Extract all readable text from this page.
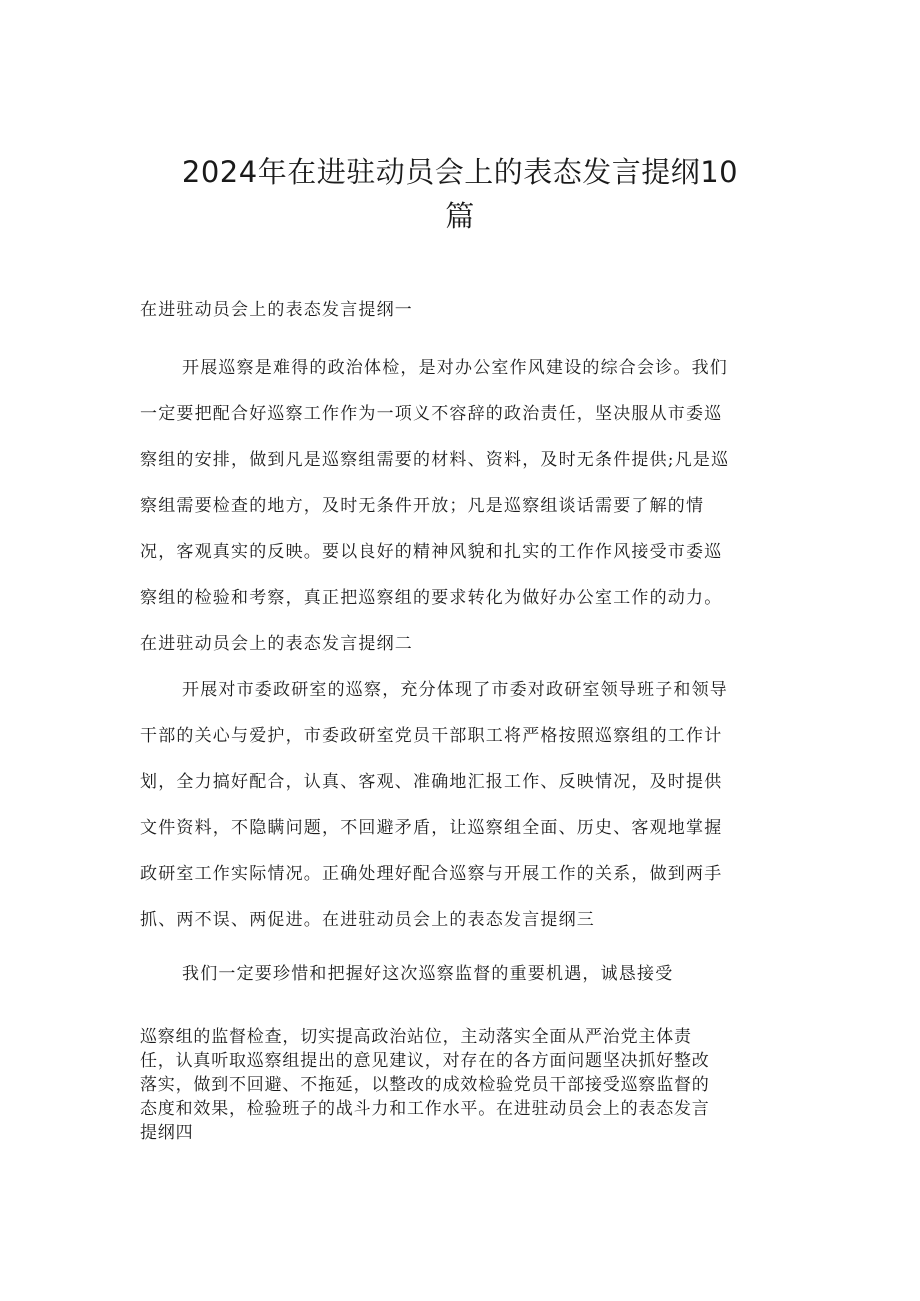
2024年在进驻动员会上的表态发言提纲10
篇

在进驻动员会上的表态发言提纲一

开展巡察是难得的政治体检，是对办公室作风建设的综合会诊。我们

一定要把配合好巡察工作作为一项义不容辞的政治责任，坚决服从市委巡

察组的安排，做到凡是巡察组需要的材料、资料，及时无条件提供;凡是巡

察组需要检查的地方，及时无条件开放；凡是巡察组谈话需要了解的情

况，客观真实的反映。要以良好的精神风貌和扎实的工作作风接受市委巡

察组的检验和考察，真正把巡察组的要求转化为做好办公室工作的动力。

在进驻动员会上的表态发言提纲二

开展对市委政研室的巡察，充分体现了市委对政研室领导班子和领导

干部的关心与爱护，市委政研室党员干部职工将严格按照巡察组的工作计

划，全力搞好配合，认真、客观、准确地汇报工作、反映情况，及时提供

文件资料，不隐瞒问题，不回避矛盾，让巡察组全面、历史、客观地掌握

政研室工作实际情况。正确处理好配合巡察与开展工作的关系，做到两手

抓、两不误、两促进。在进驻动员会上的表态发言提纲三

我们一定要珍惜和把握好这次巡察监督的重要机遇，诚恳接受

巡察组的监督检查，切实提高政治站位，主动落实全面从严治党主体责

任，认真听取巡察组提出的意见建议，对存在的各方面问题坚决抓好整改

落实，做到不回避、不拖延，以整改的成效检验党员干部接受巡察监督的

态度和效果，检验班子的战斗力和工作水平。在进驻动员会上的表态发言

提纲四
